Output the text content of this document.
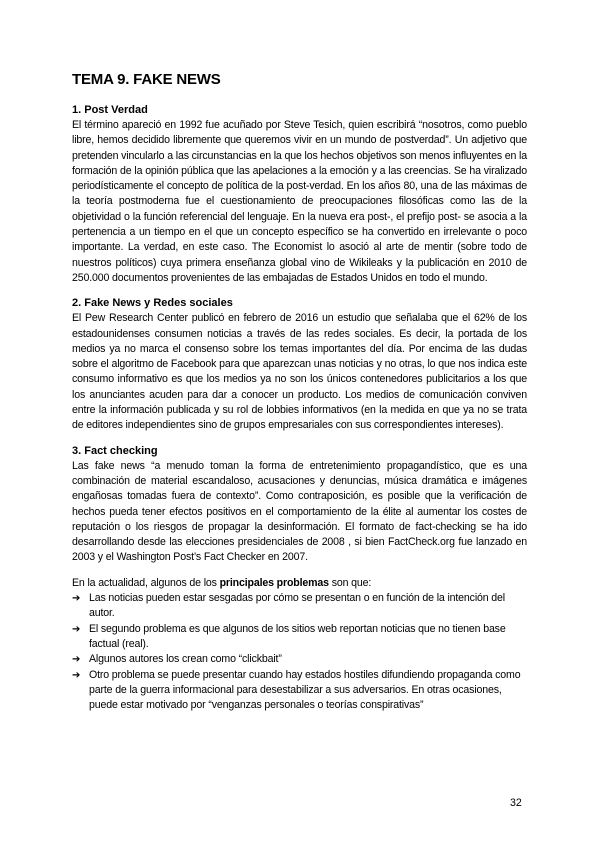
TEMA 9. FAKE NEWS
1. Post Verdad

El término apareció en 1992 fue acuñado por Steve Tesich, quien escribirá “nosotros, como pueblo libre, hemos decidido libremente que queremos vivir en un mundo de postverdad”. Un adjetivo que pretenden vincularlo a las circunstancias en la que los hechos objetivos son menos influyentes en la formación de la opinión pública que las apelaciones a la emoción y a las creencias. Se ha viralizado periodísticamente el concepto de política de la post-verdad. En los años 80, una de las máximas de la teoría postmoderna fue el cuestionamiento de preocupaciones filosóficas como las de la objetividad o la función referencial del lenguaje. En la nueva era post-, el prefijo post- se asocia a la pertenencia a un tiempo en el que un concepto específico se ha convertido en irrelevante o poco importante. La verdad, en este caso. The Economist lo asoció al arte de mentir (sobre todo de nuestros políticos) cuya primera enseñanza global vino de Wikileaks y la publicación en 2010 de 250.000 documentos provenientes de las embajadas de Estados Unidos en todo el mundo.

2. Fake News y Redes sociales

El Pew Research Center publicó en febrero de 2016 un estudio que señalaba que el 62% de los estadounidenses consumen noticias a través de las redes sociales. Es decir, la portada de los medios ya no marca el consenso sobre los temas importantes del día. Por encima de las dudas sobre el algoritmo de Facebook para que aparezcan unas noticias y no otras, lo que nos indica este consumo informativo es que los medios ya no son los únicos contenedores publicitarios a los que los anunciantes acuden para dar a conocer un producto. Los medios de comunicación conviven entre la información publicada y su rol de lobbies informativos (en la medida en que ya no se trata de editores independientes sino de grupos empresariales con sus correspondientes intereses).

3. Fact checking

Las fake news “a menudo toman la forma de entretenimiento propagandístico, que es una combinación de material escandaloso, acusaciones y denuncias, música dramática e imágenes engañosas tomadas fuera de contexto”. Como contraposición, es posible que la verificación de hechos pueda tener efectos positivos en el comportamiento de la élite al aumentar los costes de reputación o los riesgos de propagar la desinformación. El formato de fact-checking se ha ido desarrollando desde las elecciones presidenciales de 2008 , si bien FactCheck.org fue lanzado en 2003 y el Washington Post’s Fact Checker en 2007.

En la actualidad, algunos de los principales problemas son que:

➔ Las noticias pueden estar sesgadas por cómo se presentan o en función de la intención del autor.
➔ El segundo problema es que algunos de los sitios web reportan noticias que no tienen base factual (real).
➔ Algunos autores los crean como “clickbait”
➔ Otro problema se puede presentar cuando hay estados hostiles difundiendo propaganda como parte de la guerra informacional para desestabilizar a sus adversarios. En otras ocasiones, puede estar motivado por “venganzas personales o teorías conspirativas”
32
